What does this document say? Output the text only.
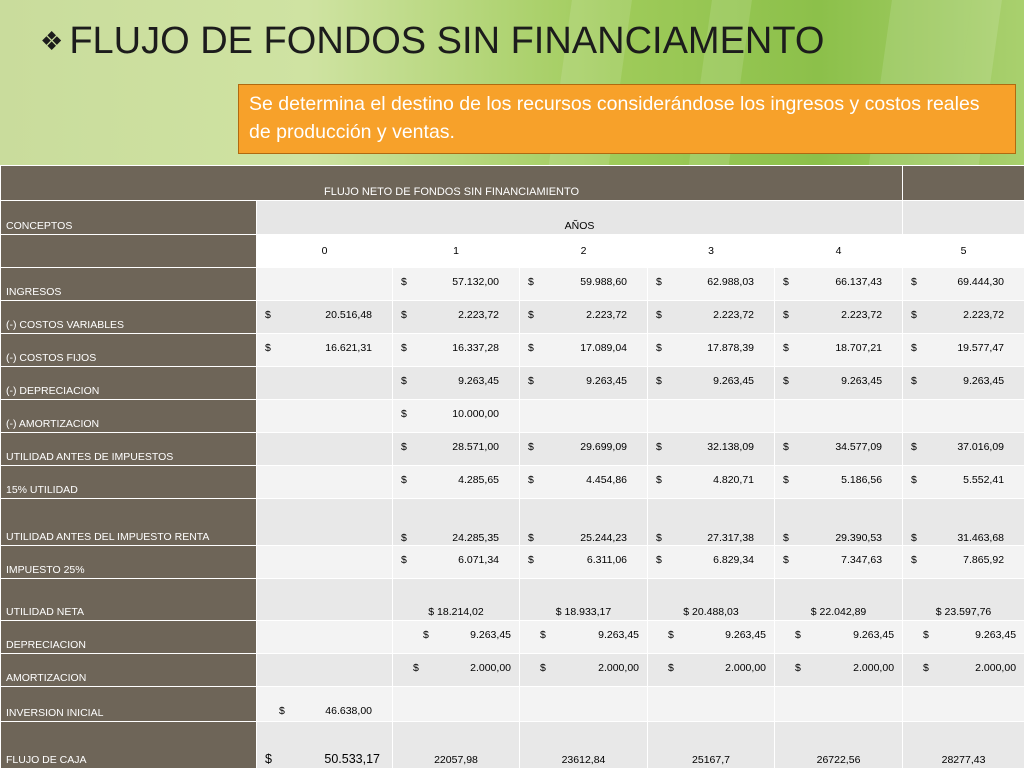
❖ FLUJO DE FONDOS SIN FINANCIAMENTO
Se determina el destino de los recursos considerándose los ingresos y costos reales de producción y ventas.
FLUJO NETO DE FONDOS SIN FINANCIAMIENTO						
CONCEPTOS	AÑOS					
	0	1	2	3	4	5
INGRESOS		$ 57.132,00	$ 59.988,60	$ 62.988,03	$ 66.137,43	$ 69.444,30

(-) COSTOS VARIABLES	$ 20.516,48	$ 2.223,72	$ 2.223,72	$ 2.223,72	$ 2.223,72	$ 2.223,72

(-) COSTOS FIJOS	$ 16.621,31	$ 16.337,28	$ 17.089,04	$ 17.878,39	$ 18.707,21	$ 19.577,47

(-) DEPRECIACION		$ 9.263,45	$ 9.263,45	$ 9.263,45	$ 9.263,45	$ 9.263,45

(-) AMORTIZACION		$ 10.000,00				

UTILIDAD ANTES DE IMPUESTOS		$ 28.571,00	$ 29.699,09	$ 32.138,09	$ 34.577,09	$ 37.016,09

15% UTILIDAD		$ 4.285,65	$ 4.454,86	$ 4.820,71	$ 5.186,56	$ 5.552,41

UTILIDAD ANTES DEL IMPUESTO RENTA		$ 24.285,35	$ 25.244,23	$ 27.317,38	$ 29.390,53	$ 31.463,68

IMPUESTO 25%		$ 6.071,34	$ 6.311,06	$ 6.829,34	$ 7.347,63	$ 7.865,92

UTILIDAD NETA		$ 18.214,02	$ 18.933,17	$ 20.488,03	$ 22.042,89	$ 23.597,76
DEPRECIACION		$ 9.263,45	$ 9.263,45	$ 9.263,45	$ 9.263,45	$ 9.263,45

AMORTIZACION		$ 2.000,00	$ 2.000,00	$ 2.000,00	$ 2.000,00	$ 2.000,00

INVERSION INICIAL	$ 46.638,00					

FLUJO DE CAJA	$ 50.533,17	22057,98	23612,84	25167,7	26722,56	28277,43
